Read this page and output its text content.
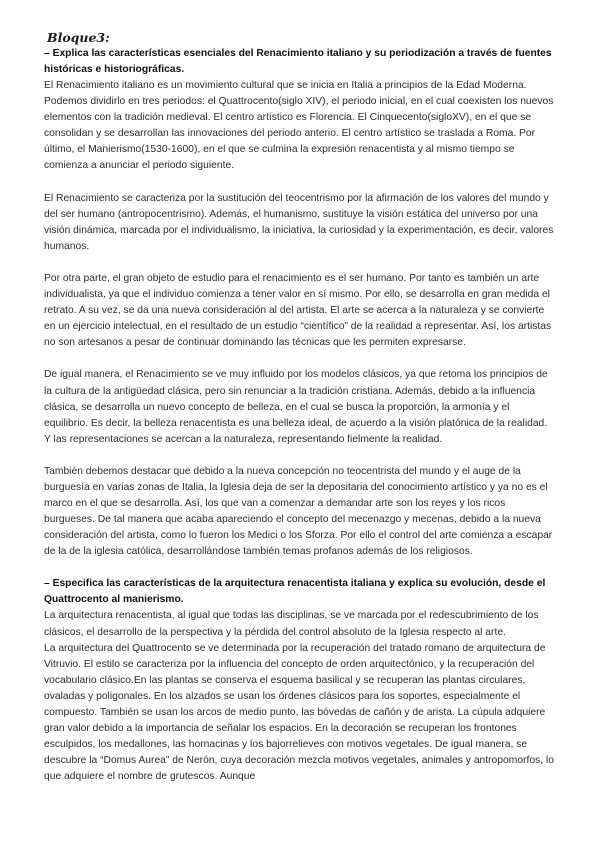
Bloque3:

– Explica las características esenciales del Renacimiento italiano y su periodización a través de fuentes históricas e historiográficas.

El Renacimiento italiano es un movimiento cultural que se inicia en Italia a principios de la Edad Moderna. Podemos dividirlo en tres periodos: el Quattrocento(siglo XIV), el periodo inicial, en el cual coexisten los nuevos elementos con la tradición medieval. El centro artístico es Florencia. El Cinquecento(sigloXV), en el que se consolidan y se desarrollan las innovaciones del periodo anterio. El centro artístico se traslada a Roma. Por último, el Manierismo(1530-1600), en el que se culmina la expresión renacentista y al mismo tiempo se comienza a anunciar el periodo siguiente.

El Renacimiento se caracteriza por la sustitución del teocentrismo por la afirmación de los valores del mundo y del ser humano (antropocentrismo). Además, el humanismo, sustituye la visión estática del universo por una visión dinámica, marcada por el individualismo, la iniciativa, la curiosidad y la experimentación, es decir, valores humanos.

Por otra parte, el gran objeto de estudio para el renacimiento es el ser humano. Por tanto es también un arte individualista, ya que el individuo comienza a tener valor en sí mismo. Por ello, se desarrolla en gran medida el retrato. A su vez, se da una nueva consideración al del artista. El arte se acerca a la naturaleza y se convierte en un ejercicio intelectual, en el resultado de un estudio “científico” de la realidad a representar. Así, los artistas no son artesanos a pesar de continuar dominando las técnicas que les permiten expresarse.

De igual manera, el Renacimiento se ve muy influido por los modelos clásicos, ya que retoma los principios de la cultura de la antigüedad clásica, pero sin renunciar a la tradición cristiana. Además, debido a la influencia clásica, se desarrolla un nuevo concepto de belleza, en el cual se busca la proporción, la armonía y el equilibrio. Es decir, la belleza renacentista es una belleza ideal, de acuerdo a la visión platónica de la realidad. Y las representaciones se acercan a la naturaleza, representando fielmente la realidad.

También debemos destacar que debido a la nueva concepción no teocentrista del mundo y el auge de la burguesía en varias zonas de Italia, la Iglesia deja de ser la depositaria del conocimiento artístico y ya no es el marco en el que se desarrolla. Así, los que van a comenzar a demandar arte son los reyes y los ricos burgueses. De tal manera que acaba apareciendo el concepto del mecenazgo y mecenas, debido a la nueva consideración del artista, como lo fueron los Medici o los Sforza. Por ello el control del arte comienza a escapar de la de la iglesia católica, desarrollándose también temas profanos además de los religiosos.

– Especifica las características de la arquitectura renacentista italiana y explica su evolución, desde el Quattrocento al manierismo.

La arquitectura renacentista, al igual que todas las disciplinas, se ve marcada por el redescubrimiento de los clásicos, el desarrollo de la perspectiva y la pérdida del control absoluto de la Iglesia respecto al arte.

La arquitectura del Quattrocento se ve determinada por la recuperación del tratado romano de arquitectura de Vitruvio. El estilo se caracteriza por la influencia del concepto de orden arquitectónico, y la recuperación del vocabulario clásico.En las plantas se conserva el esquema basilical y se recuperan las plantas circulares, ovaladas y poligonales. En los alzados se usan los órdenes clásicos para los soportes, especialmente el compuesto. También se usan los arcos de medio punto, las bóvedas de cañón y de arista. La cúpula adquiere gran valor debido a la importancia de señalar los espacios. En la decoración se recuperan los frontones esculpidos, los medallones, las hornacinas y los bajorrelieves con motivos vegetales. De igual manera, se descubre la “Domus Aurea” de Nerón, cuya decoración mezcla motivos vegetales, animales y antropomorfos, lo que adquiere el nombre de grutescos. Aunque
